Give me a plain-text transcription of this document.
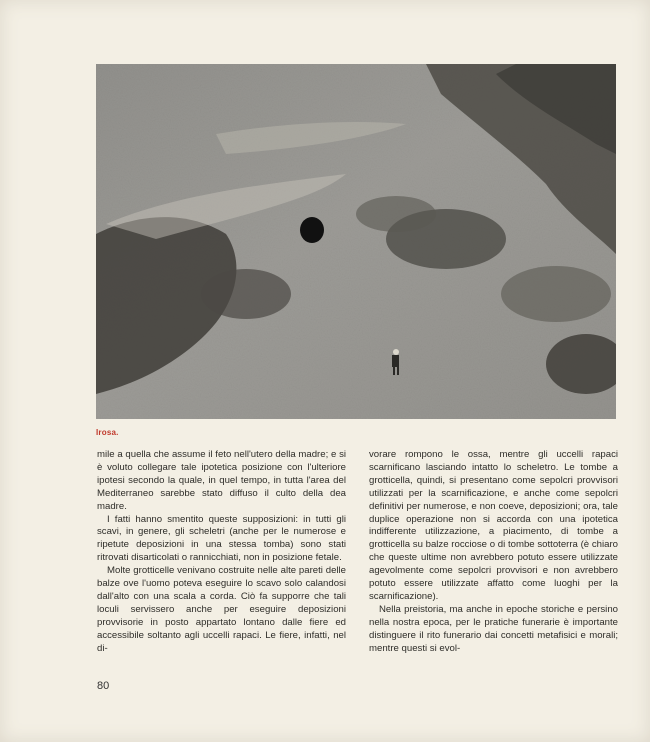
Irosa.

mile a quella che assume il feto nell'utero della madre; e si è voluto collegare tale ipotetica posizione con l'ulteriore ipotesi secondo la quale, in quel tempo, in tutta l'area del Mediterraneo sarebbe stato diffuso il culto della dea madre.

I fatti hanno smentito queste supposizioni: in tutti gli scavi, in genere, gli scheletri (anche per le numerose e ripetute deposizioni in una stessa tomba) sono stati ritrovati disarticolati o rannicchiati, non in posizione fetale.

Molte grotticelle venivano costruite nelle alte pareti delle balze ove l'uomo poteva eseguire lo scavo solo calandosi dall'alto con una scala a corda. Ciò fa supporre che tali loculi servissero anche per eseguire deposizioni provvisorie in posto appartato lontano dalle fiere ed accessibile soltanto agli uccelli rapaci. Le fiere, infatti, nel di-

vorare rompono le ossa, mentre gli uccelli rapaci scarnificano lasciando intatto lo scheletro. Le tombe a grotticella, quindi, si presentano come sepolcri provvisori utilizzati per la scarnificazione, e anche come sepolcri definitivi per numerose, e non coeve, deposizioni; ora, tale duplice operazione non si accorda con una ipotetica indifferente utilizzazione, a piacimento, di tombe a grotticella su balze rocciose o di tombe sottoterra (è chiaro che queste ultime non avrebbero potuto essere utilizzate agevolmente come sepolcri provvisori e non avrebbero potuto essere utilizzate affatto come luoghi per la scarnificazione).

Nella preistoria, ma anche in epoche storiche e persino nella nostra epoca, per le pratiche funerarie è importante distinguere il rito funerario dai concetti metafisici e morali; mentre questi si evol-

80
